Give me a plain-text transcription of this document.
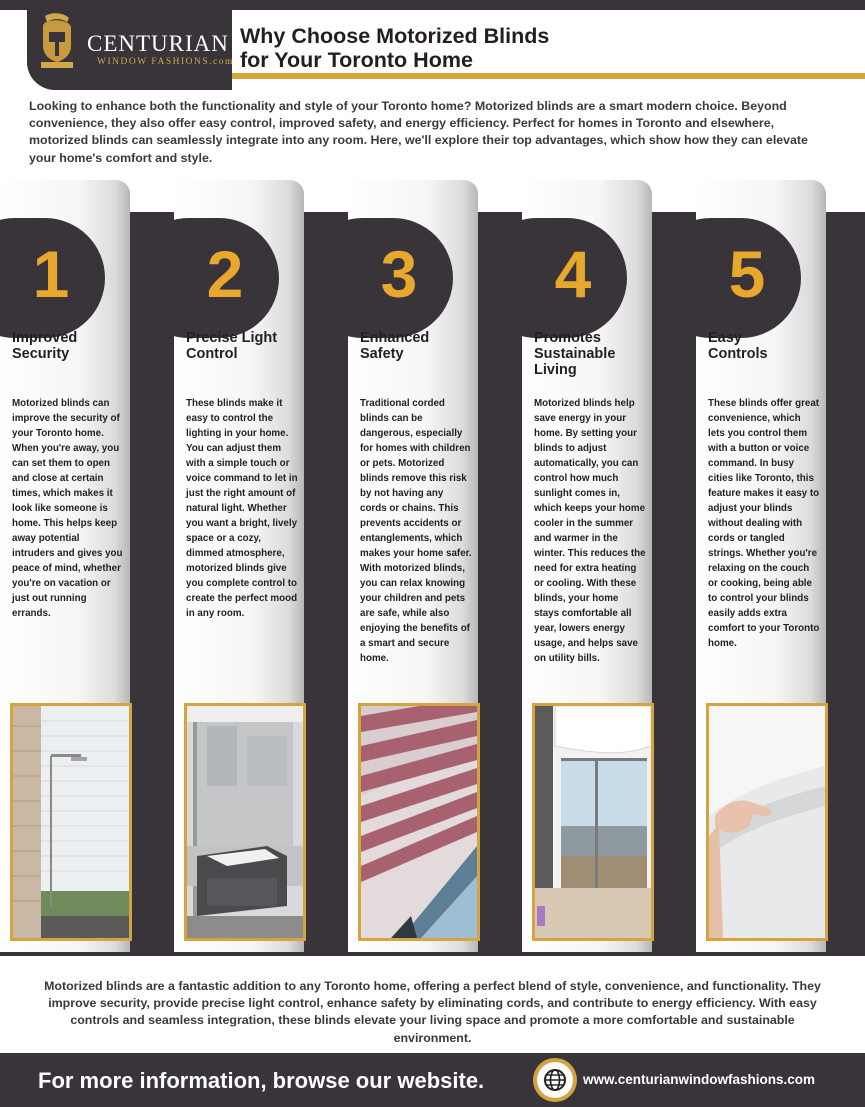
CENTURIAN
WINDOW FASHIONS.com
Why Choose Motorized Blinds
for Your Toronto Home

Looking to enhance both the functionality and style of your Toronto home? Motorized blinds are a smart modern choice. Beyond convenience, they also offer easy control, improved safety, and energy efficiency. Perfect for homes in Toronto and elsewhere, motorized blinds can seamlessly integrate into any room. Here, we'll explore their top advantages, which show how they can elevate your home's comfort and style.

1
Improved Security
Motorized blinds can improve the security of your Toronto home. When you're away, you can set them to open and close at certain times, which makes it look like someone is home. This helps keep away potential intruders and gives you peace of mind, whether you're on vacation or just out running errands.
2
Precise Light Control
These blinds make it easy to control the lighting in your home. You can adjust them with a simple touch or voice command to let in just the right amount of natural light. Whether you want a bright, lively space or a cozy, dimmed atmosphere, motorized blinds give you complete control to create the perfect mood in any room.
3
Enhanced Safety
Traditional corded blinds can be dangerous, especially for homes with children or pets. Motorized blinds remove this risk by not having any cords or chains. This prevents accidents or entanglements, which makes your home safer. With motorized blinds, you can relax knowing your children and pets are safe, while also enjoying the benefits of a smart and secure home.
4
Promotes Sustainable Living
Motorized blinds help save energy in your home. By setting your blinds to adjust automatically, you can control how much sunlight comes in, which keeps your home cooler in the summer and warmer in the winter. This reduces the need for extra heating or cooling. With these blinds, your home stays comfortable all year, lowers energy usage, and helps save on utility bills.
5
Easy Controls
These blinds offer great convenience, which lets you control them with a button or voice command. In busy cities like Toronto, this feature makes it easy to adjust your blinds without dealing with cords or tangled strings. Whether you're relaxing on the couch or cooking, being able to control your blinds easily adds extra comfort to your Toronto home.

Motorized blinds are a fantastic addition to any Toronto home, offering a perfect blend of style, convenience, and functionality. They improve security, provide precise light control, enhance safety by eliminating cords, and contribute to energy efficiency. With easy controls and seamless integration, these blinds elevate your living space and promote a more comfortable and sustainable environment.

For more information, browse our website.	www.centurianwindowfashions.com
